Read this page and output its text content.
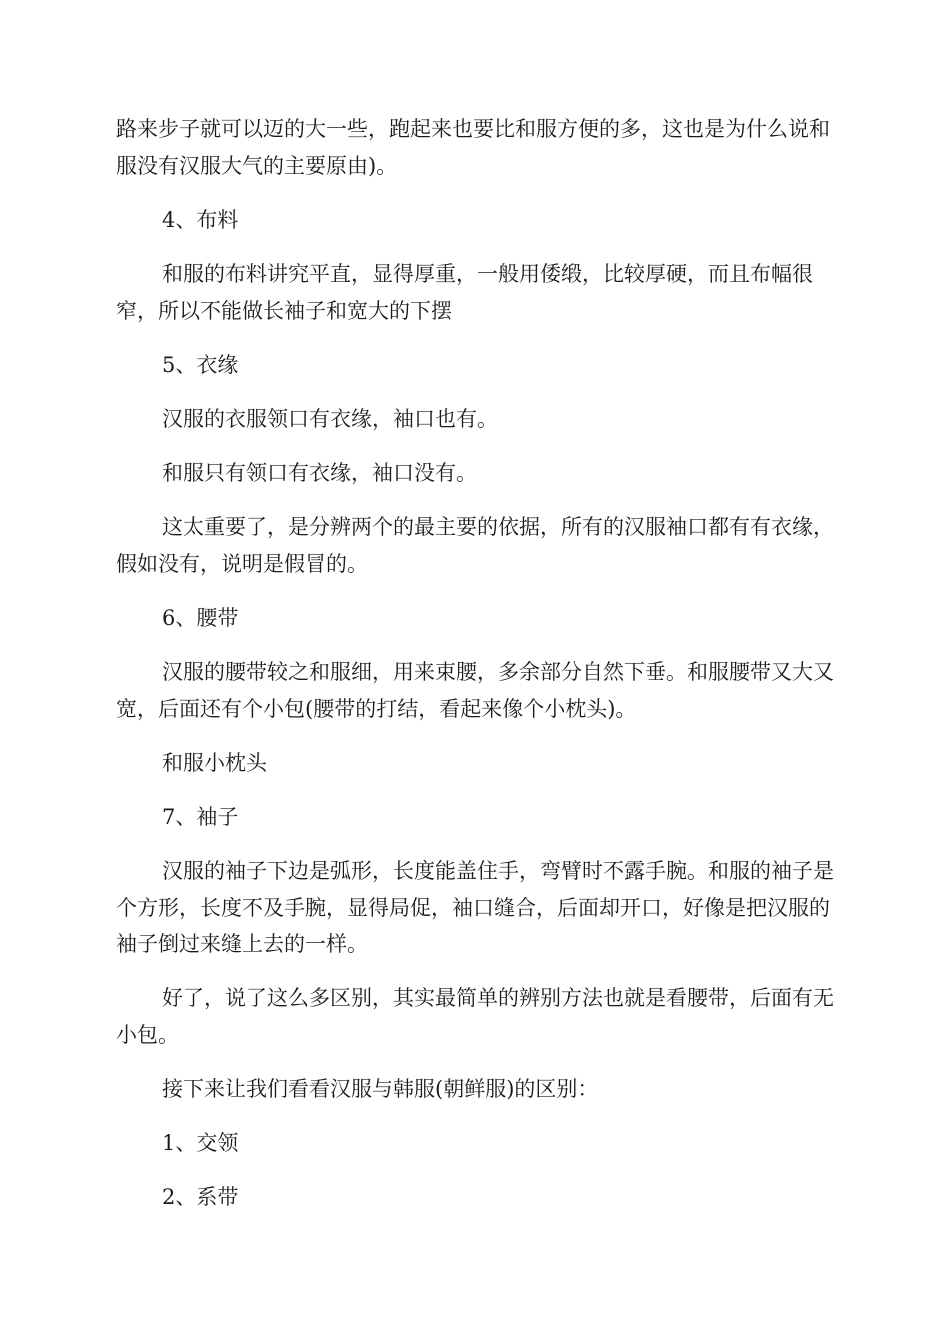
路来步子就可以迈的大一些，跑起来也要比和服方便的多，这也是为什么说和服没有汉服大气的主要原由)。

4、布料

和服的布料讲究平直，显得厚重，一般用倭缎，比较厚硬，而且布幅很窄，所以不能做长袖子和宽大的下摆

5、衣缘

汉服的衣服领口有衣缘，袖口也有。

和服只有领口有衣缘，袖口没有。

这太重要了，是分辨两个的最主要的依据，所有的汉服袖口都有有衣缘，假如没有，说明是假冒的。

6、腰带

汉服的腰带较之和服细，用来束腰，多余部分自然下垂。和服腰带又大又宽，后面还有个小包(腰带的打结，看起来像个小枕头)。

和服小枕头

7、袖子

汉服的袖子下边是弧形，长度能盖住手，弯臂时不露手腕。和服的袖子是个方形，长度不及手腕，显得局促，袖口缝合，后面却开口，好像是把汉服的袖子倒过来缝上去的一样。

好了，说了这么多区别，其实最简单的辨别方法也就是看腰带，后面有无小包。

接下来让我们看看汉服与韩服(朝鲜服)的区别：

1、交领

2、系带
